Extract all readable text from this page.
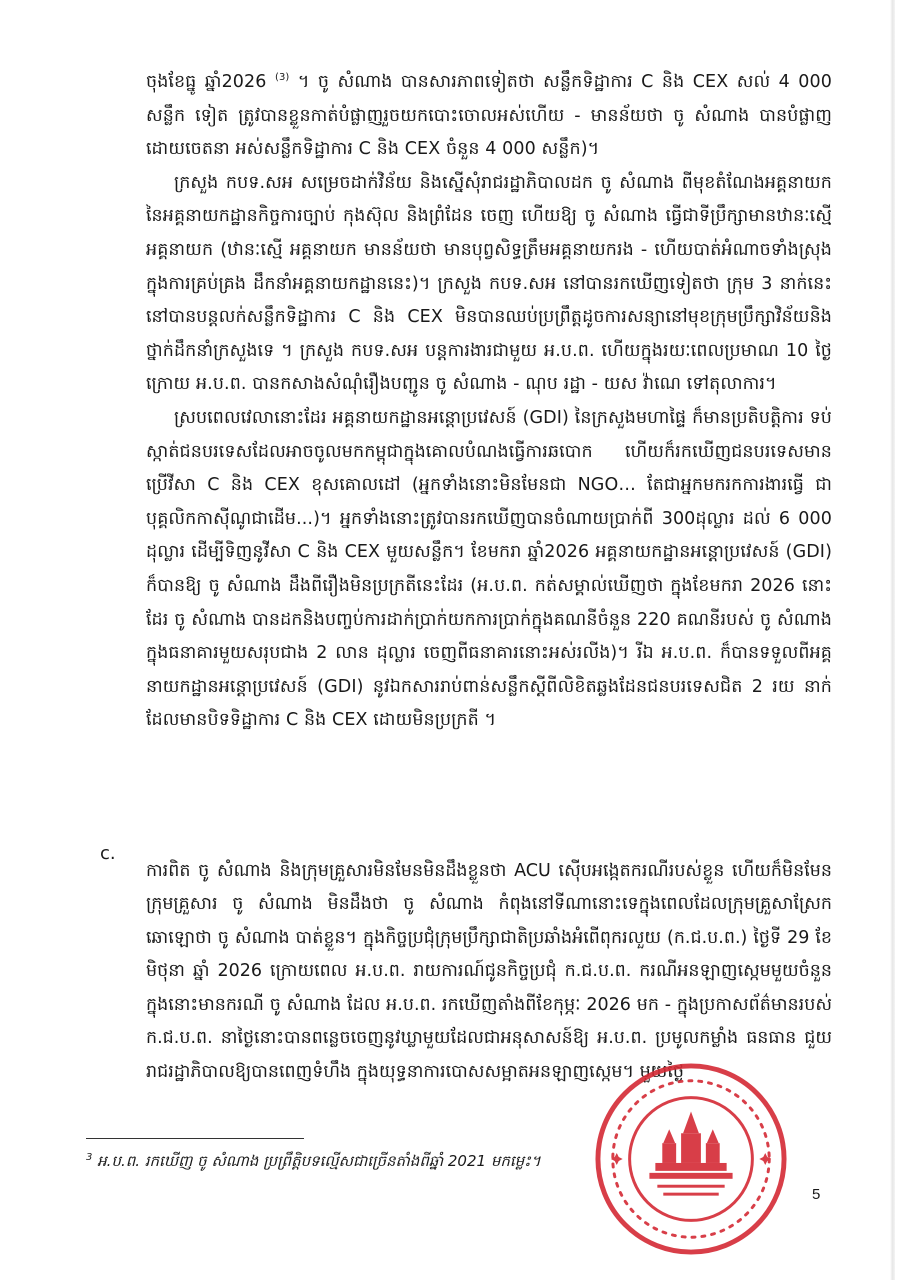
ចុងខែធ្នូ ឆ្នាំ2026 $^{(3)}$ ។ ចូ សំណាង បានសារភាពទៀតថា សន្លឹកទិដ្ឋាការ C និង CEX សល់ 4 000 សន្លឹក ទៀត ត្រូវបានខ្លួនកាត់បំផ្លាញរួចយកបោះចោលអស់ហើយ - មានន័យថា ចូ សំណាង បានបំផ្លាញដោយចេតនា អស់សន្លឹកទិដ្ឋាការ C និង CEX ចំនួន 4 000 សន្លឹក)។

ក្រសួង កបទ.សអ សម្រេចដាក់វិន័យ និងស្នើសុំរាជរដ្ឋាភិបាលដក ចូ សំណាង ពីមុខតំណែងអគ្គនាយក នៃអគ្គនាយកដ្ឋានកិច្ចការច្បាប់ កុងស៊ុល និងព្រំដែន ចេញ ហើយឱ្យ ចូ សំណាង ធ្វើជាទីប្រឹក្សាមានឋានៈស្មើអគ្គនាយក (ឋានៈស្មើ អគ្គនាយក មានន័យថា មានបុព្វសិទ្ធត្រឹមអគ្គនាយករង - ហើយបាត់អំណាចទាំងស្រុងក្នុងការគ្រប់គ្រង ដឹកនាំអគ្គនាយកដ្ឋាននេះ)។ ក្រសួង កបទ.សអ នៅបានរកឃើញទៀតថា ក្រុម 3 នាក់នេះ នៅបានបន្តលក់សន្លឹកទិដ្ឋាការ C និង CEX មិនបានឈប់ប្រព្រឹត្តដូចការសន្យានៅមុខក្រុមប្រឹក្សាវិន័យនិងថ្នាក់ដឹកនាំក្រសួងទេ ។ ក្រសួង កបទ.សអ បន្តការងារជាមួយ អ.ប.ព. ហើយក្នុងរយៈពេលប្រមាណ 10 ថ្ងៃក្រោយ អ.ប.ព. បានកសាងសំណុំរឿងបញ្ជូន ចូ សំណាង - ណុប រដ្ឋា - យស វ៉ាណេ ទៅតុលាការ។

ស្របពេលវេលានោះដែរ អគ្គនាយកដ្ឋានអន្តោប្រវេសន៍ (GDI) នៃក្រសួងមហាផ្ទៃ ក៏មានប្រតិបត្តិការ ទប់ស្កាត់ជនបរទេសដែលអាចចូលមកកម្ពុជាក្នុងគោលបំណងធ្វើការឆបោក ហើយក៏រកឃើញជនបរទេសមានប្រើវីសា C និង CEX ខុសគោលដៅ (អ្នកទាំងនោះមិនមែនជា NGO… តែជាអ្នកមករកការងារធ្វើ ជាបុគ្គលិកកាស៊ីណូជាដើម...)។ អ្នកទាំងនោះត្រូវបានរកឃើញបានចំណាយប្រាក់ពី 300ដុល្លារ ដល់ 6 000 ដុល្លារ ដើម្បីទិញនូវីសា C និង CEX មួយសន្លឹក។ ខែមករា ឆ្នាំ2026 អគ្គនាយកដ្ឋានអន្តោប្រវេសន៍ (GDI) ក៏បានឱ្យ ចូ សំណាង ដឹងពីរឿងមិនប្រក្រតីនេះដែរ (អ.ប.ព. កត់សម្គាល់ឃើញថា ក្នុងខែមករា 2026 នោះដែរ ចូ សំណាង បានដកនិងបញ្ចប់ការដាក់ប្រាក់យកការប្រាក់ក្នុងគណនីចំនួន 220 គណនីរបស់ ចូ សំណាង ក្នុងធនាគារមួយសរុបជាង 2 លាន ដុល្លារ ចេញពីធនាគារនោះអស់រលីង)។ រីឯ អ.ប.ព. ក៏បានទទួលពីអគ្គនាយកដ្ឋានអន្តោប្រវេសន៍ (GDI) នូវឯកសាររាប់ពាន់សន្លឹកស្តីពីលិខិតឆ្លងដែនជនបរទេសជិត 2 រយ នាក់ ដែលមានបិទទិដ្ឋាការ C និង CEX ដោយមិនប្រក្រតី ។

c.

ការពិត ចូ សំណាង និងក្រុមគ្រួសារមិនមែនមិនដឹងខ្លួនថា ACU ស៊ើបអង្កេតករណីរបស់ខ្លួន ហើយក៏មិនមែនក្រុមគ្រួសារ ចូ សំណាង មិនដឹងថា ចូ សំណាង កំពុងនៅទីណានោះទេក្នុងពេលដែលក្រុមគ្រួសាស្រែកឆោឡោថា ចូ សំណាង បាត់ខ្លួន។ ក្នុងកិច្ចប្រជុំក្រុមប្រឹក្សាជាតិប្រឆាំងអំពើពុករលួយ (ក.ជ.ប.ព.) ថ្ងៃទី 29 ខែមិថុនា ឆ្នាំ 2026 ក្រោយពេល អ.ប.ព. រាយការណ៍ជូនកិច្ចប្រជុំ ក.ជ.ប.ព. ករណីអនឡាញស្កេមមួយចំនួនក្នុងនោះមានករណី ចូ សំណាង ដែល អ.ប.ព. រកឃើញតាំងពីខែកុម្ភៈ 2026 មក - ក្នុងប្រកាសព័ត៌មានរបស់ ក.ជ.ប.ព. នាថ្ងៃនោះបានពន្លេចចេញនូវឃ្លាមួយដែលជាអនុសាសន៍ឱ្យ អ.ប.ព. ប្រមូលកម្លាំង ធនធាន ជួយរាជរដ្ឋាភិបាលឱ្យបានពេញទំហឹង ក្នុងយុទ្ធនាការបោសសម្អាតអនឡាញស្កេម។ មួយថ្ងៃ

$^3$ អ.ប.ព. រកឃើញ ចូ សំណាង ប្រព្រឹត្តិបទល្មើសជាច្រើនតាំងពីឆ្នាំ 2021 មកម្លេះ។
5
